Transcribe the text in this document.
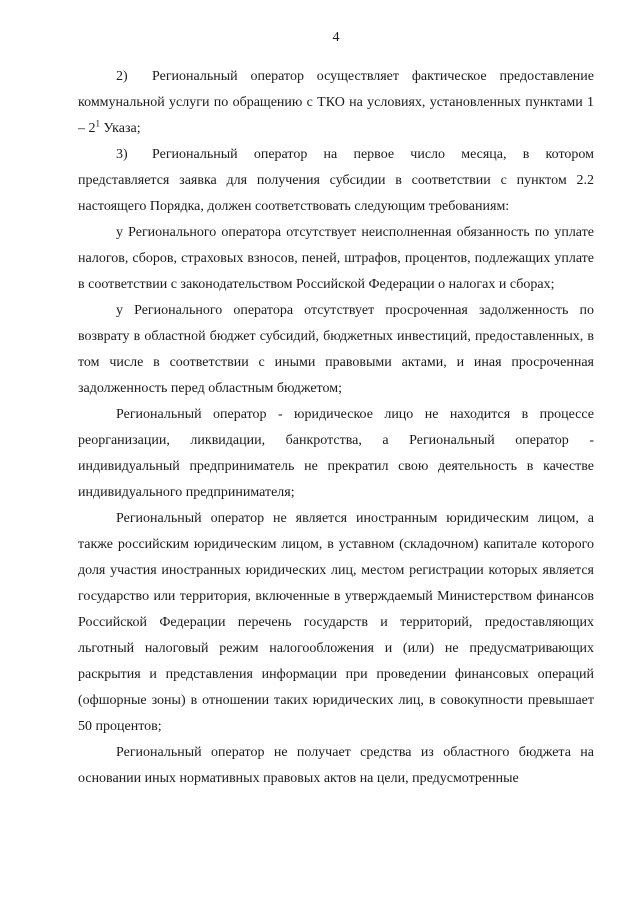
4

2) Региональный оператор осуществляет фактическое предоставление коммунальной услуги по обращению с ТКО на условиях, установленных пунктами $1 - 2^1$ Указа;

3) Региональный оператор на первое число месяца, в котором представляется заявка для получения субсидии в соответствии с пунктом 2.2 настоящего Порядка, должен соответствовать следующим требованиям:

у Регионального оператора отсутствует неисполненная обязанность по уплате налогов, сборов, страховых взносов, пеней, штрафов, процентов, подлежащих уплате в соответствии с законодательством Российской Федерации о налогах и сборах;

у Регионального оператора отсутствует просроченная задолженность по возврату в областной бюджет субсидий, бюджетных инвестиций, предоставленных, в том числе в соответствии с иными правовыми актами, и иная просроченная задолженность перед областным бюджетом;

Региональный оператор - юридическое лицо не находится в процессе реорганизации, ликвидации, банкротства, а Региональный оператор - индивидуальный предприниматель не прекратил свою деятельность в качестве индивидуального предпринимателя;

Региональный оператор не является иностранным юридическим лицом, а также российским юридическим лицом, в уставном (складочном) капитале которого доля участия иностранных юридических лиц, местом регистрации которых является государство или территория, включенные в утверждаемый Министерством финансов Российской Федерации перечень государств и территорий, предоставляющих льготный налоговый режим налогообложения и (или) не предусматривающих раскрытия и представления информации при проведении финансовых операций (офшорные зоны) в отношении таких юридических лиц, в совокупности превышает 50 процентов;

Региональный оператор не получает средства из областного бюджета на основании иных нормативных правовых актов на цели, предусмотренные
